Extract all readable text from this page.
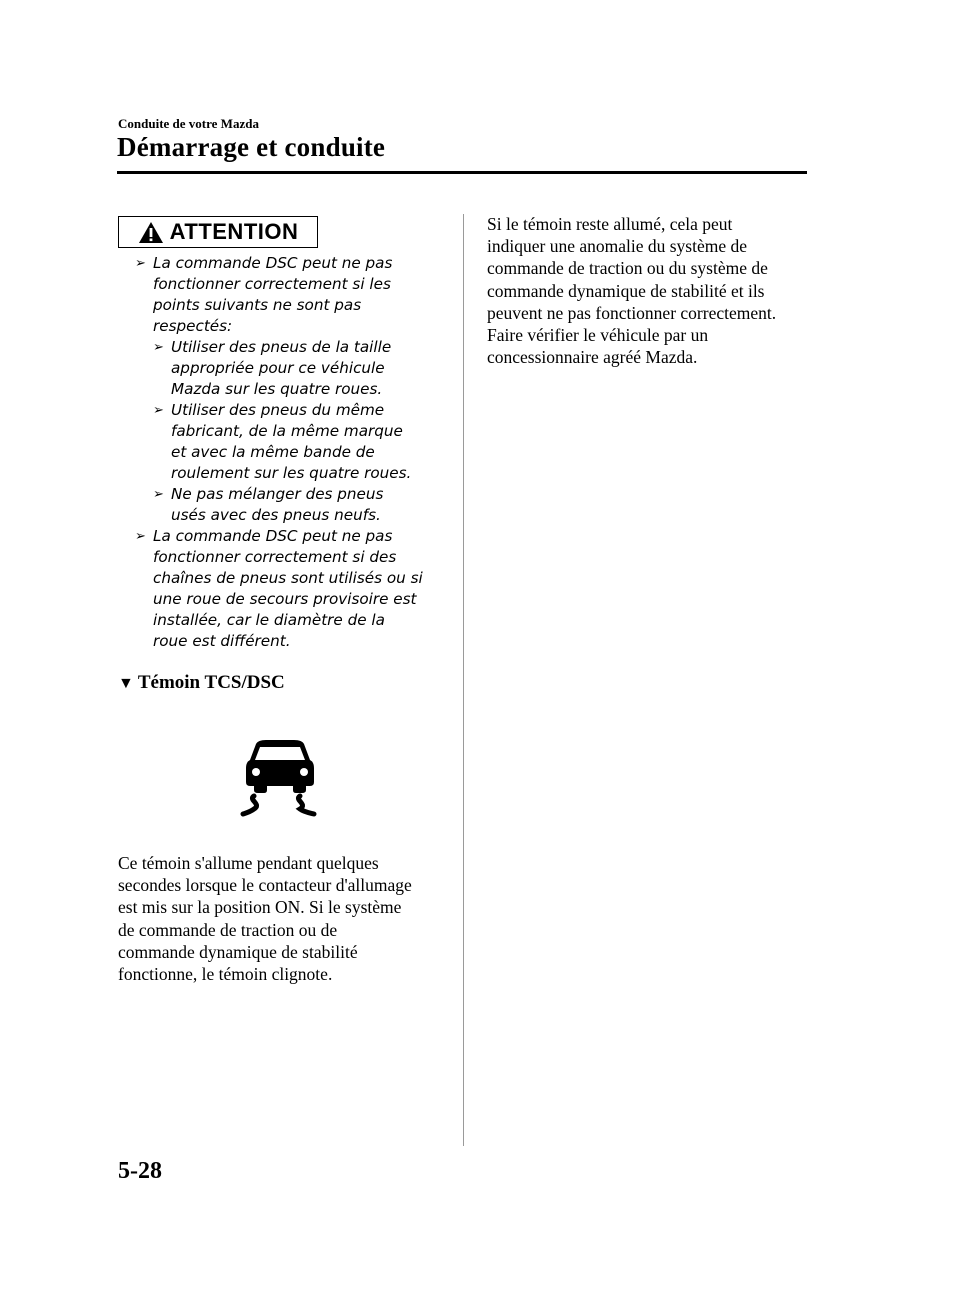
Conduite de votre Mazda
Démarrage et conduite
ATTENTION
➢ La commande DSC peut ne pas
fonctionner correctement si les
points suivants ne sont pas
respectés:
➢ Utiliser des pneus de la taille
appropriée pour ce véhicule
Mazda sur les quatre roues.
➢ Utiliser des pneus du même
fabricant, de la même marque
et avec la même bande de
roulement sur les quatre roues.
➢ Ne pas mélanger des pneus
usés avec des pneus neufs.
➢ La commande DSC peut ne pas
fonctionner correctement si des
chaînes de pneus sont utilisés ou si
une roue de secours provisoire est
installée, car le diamètre de la
roue est différent.
▼ Témoin TCS/DSC
Ce témoin s'allume pendant quelques
secondes lorsque le contacteur d'allumage
est mis sur la position ON. Si le système
de commande de traction ou de
commande dynamique de stabilité
fonctionne, le témoin clignote.
Si le témoin reste allumé, cela peut
indiquer une anomalie du système de
commande de traction ou du système de
commande dynamique de stabilité et ils
peuvent ne pas fonctionner correctement.
Faire vérifier le véhicule par un
concessionnaire agréé Mazda.
5-28
